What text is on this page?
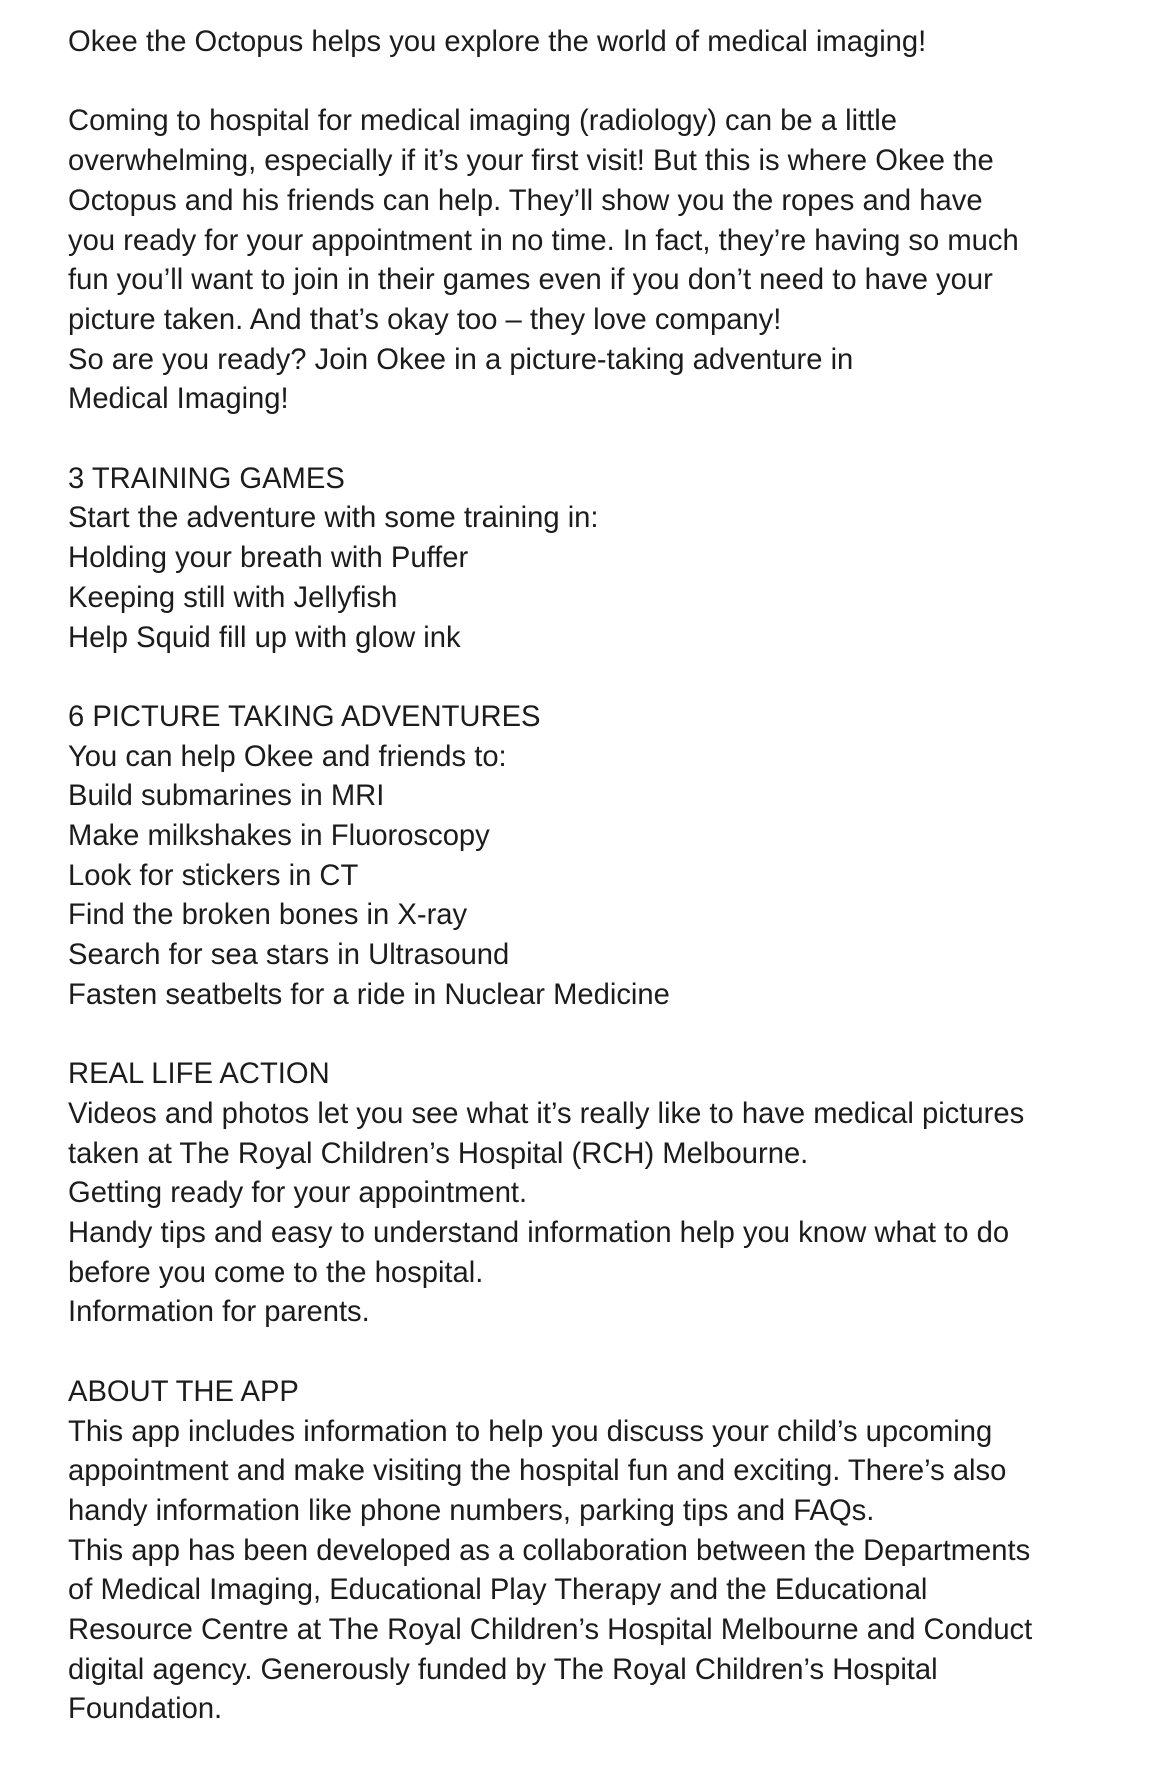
Okee the Octopus helps you explore the world of medical imaging!
Coming to hospital for medical imaging (radiology) can be a little
overwhelming, especially if it’s your first visit! But this is where Okee the
Octopus and his friends can help. They’ll show you the ropes and have
you ready for your appointment in no time. In fact, they’re having so much
fun you’ll want to join in their games even if you don’t need to have your
picture taken. And that’s okay too – they love company!
So are you ready? Join Okee in a picture-taking adventure in
Medical Imaging!
3 TRAINING GAMES
Start the adventure with some training in:
Holding your breath with Puffer
Keeping still with Jellyfish
Help Squid fill up with glow ink
6 PICTURE TAKING ADVENTURES
You can help Okee and friends to:
Build submarines in MRI
Make milkshakes in Fluoroscopy
Look for stickers in CT
Find the broken bones in X-ray
Search for sea stars in Ultrasound
Fasten seatbelts for a ride in Nuclear Medicine
REAL LIFE ACTION
Videos and photos let you see what it’s really like to have medical pictures
taken at The Royal Children’s Hospital (RCH) Melbourne.
Getting ready for your appointment.
Handy tips and easy to understand information help you know what to do
before you come to the hospital.
Information for parents.
ABOUT THE APP
This app includes information to help you discuss your child’s upcoming
appointment and make visiting the hospital fun and exciting. There’s also
handy information like phone numbers, parking tips and FAQs.
This app has been developed as a collaboration between the Departments
of Medical Imaging, Educational Play Therapy and the Educational
Resource Centre at The Royal Children’s Hospital Melbourne and Conduct
digital agency. Generously funded by The Royal Children’s Hospital
Foundation.
